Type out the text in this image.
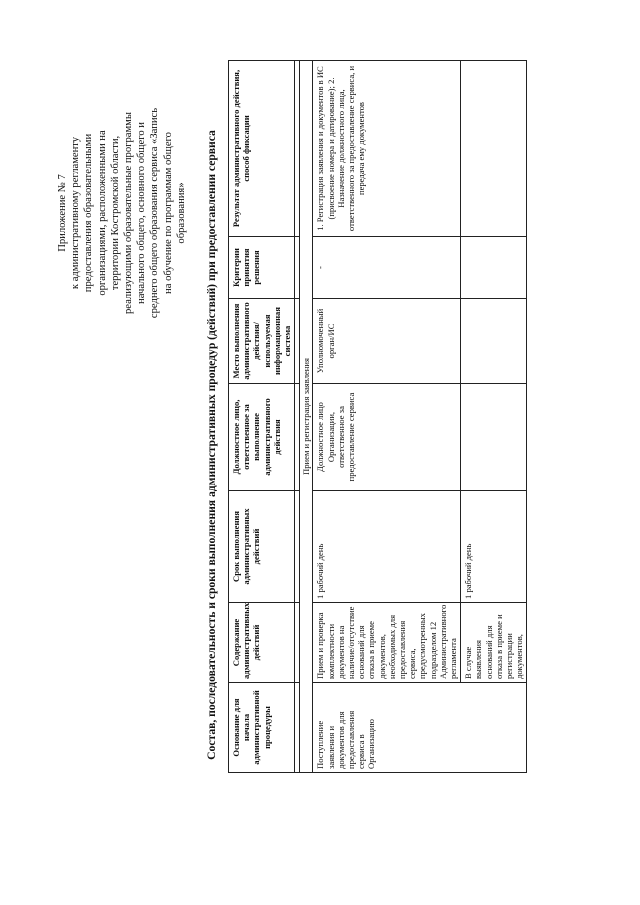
Приложение № 7 к административному регламенту предоставления образовательными организациями, расположенными на территории Костромской области, реализующими образовательные программы начального общего, основного общего и среднего общего образования сервиса «Запись на обучение по программам общего образования» Состав, последовательность и сроки выполнения административных процедур (действий) при предоставлении сервиса Основание для начала административной процедуры	Содержание административных действий	Срок выполнения административных действий	Должностное лицо, ответственное за выполнение административного действия	Место выполнения административного действия/ используемая информационная система	Критерии принятия решения	Результат административного действия, способ фиксации

Прием и регистрация заявления						
Поступление заявления и документов для предоставления сервиса в Организацию	Прием и проверка комплектности документов на наличие/отсутствие оснований для отказа в приеме документов, необходимых для предоставления сервиса, предусмотренных подразделом 12 Административного регламента	1 рабочий день	Должностное лицо Организации, ответственное за предоставление сервиса	Уполномоченный орган/ИС	-	1. Регистрация заявления и документов в ИС (присвоение номера и датирование); 2. Назначение должностного лица, ответственного за предоставление сервиса, и передача ему документов
	В случае выявления оснований для отказа в приеме и регистрации документов,	1 рабочий день				
